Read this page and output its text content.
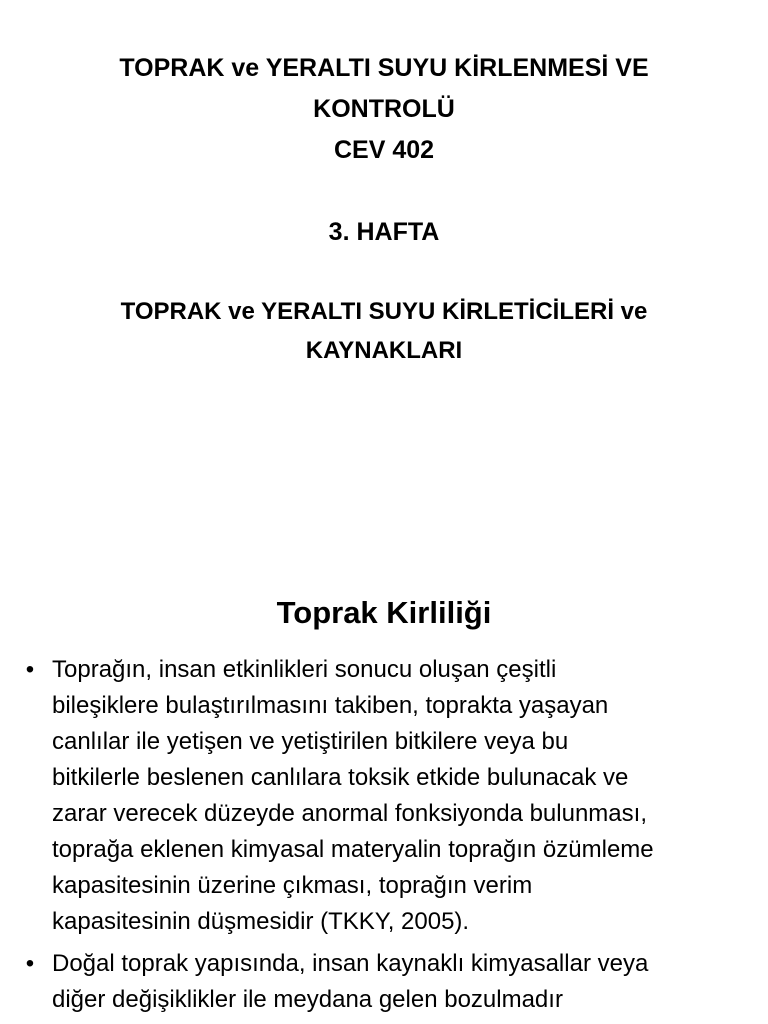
TOPRAK ve YERALTI SUYU KİRLENMESİ VE
KONTROLÜ
CEV 402
3. HAFTA
TOPRAK ve YERALTI SUYU KİRLETİCİLERİ ve
KAYNAKLARI
Toprak Kirliliği
• Toprağın, insan etkinlikleri sonucu oluşan çeşitli
bileşiklere bulaştırılmasını takiben, toprakta yaşayan
canlılar ile yetişen ve yetiştirilen bitkilere veya bu
bitkilerle beslenen canlılara toksik etkide bulunacak ve
zarar verecek düzeyde anormal fonksiyonda bulunması,
toprağa eklenen kimyasal materyalin toprağın özümleme
kapasitesinin üzerine çıkması, toprağın verim
kapasitesinin düşmesidir (TKKY, 2005).
• Doğal toprak yapısında, insan kaynaklı kimyasallar veya
diğer değişiklikler ile meydana gelen bozulmadır
